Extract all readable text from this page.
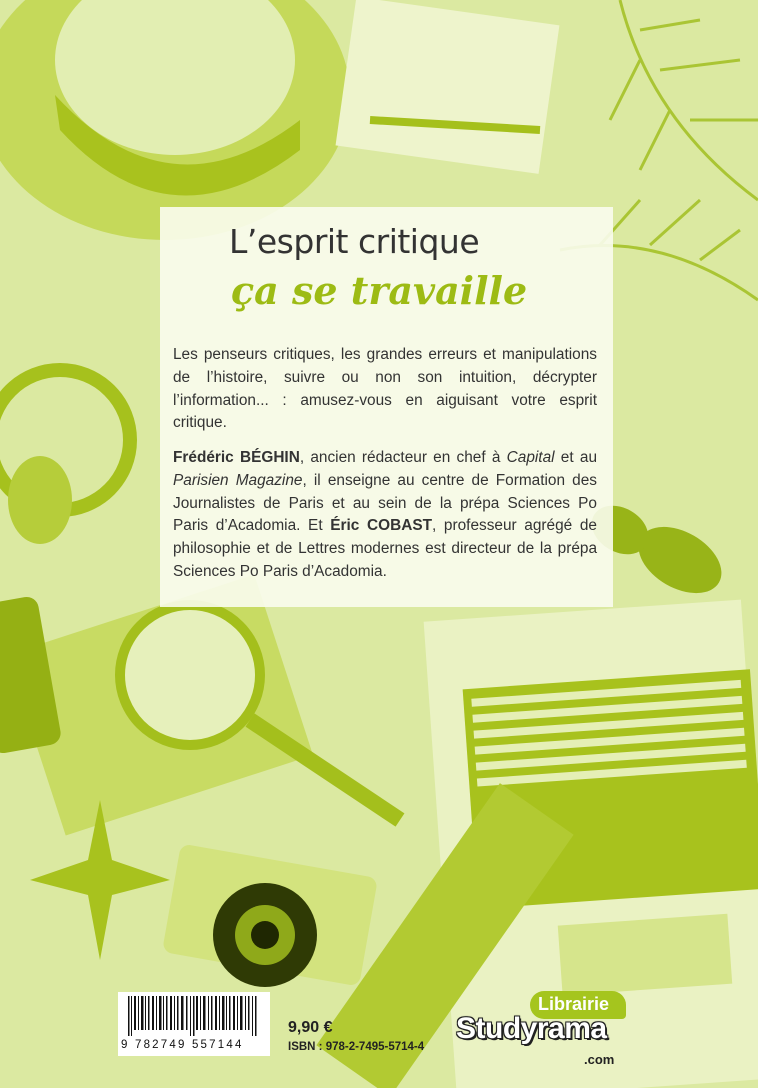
L’esprit critique
ça se travaille
Les penseurs critiques, les grandes erreurs et manipulations de l’histoire, suivre ou non son intuition, décrypter l’information... : amusez-vous en aiguisant votre esprit critique.
Frédéric BÉGHIN, ancien rédacteur en chef à Capital et au Parisien Magazine, il enseigne au centre de Formation des Journalistes de Paris et au sein de la prépa Sciences Po Paris d’Acadomia. Et Éric COBAST, professeur agrégé de philosophie et de Lettres modernes est directeur de la prépa Sciences Po Paris d’Acadomia.
9 782749 557144
9,90 €
ISBN : 978-2-7495-5714-4
Librairie
Studyrama
.com
